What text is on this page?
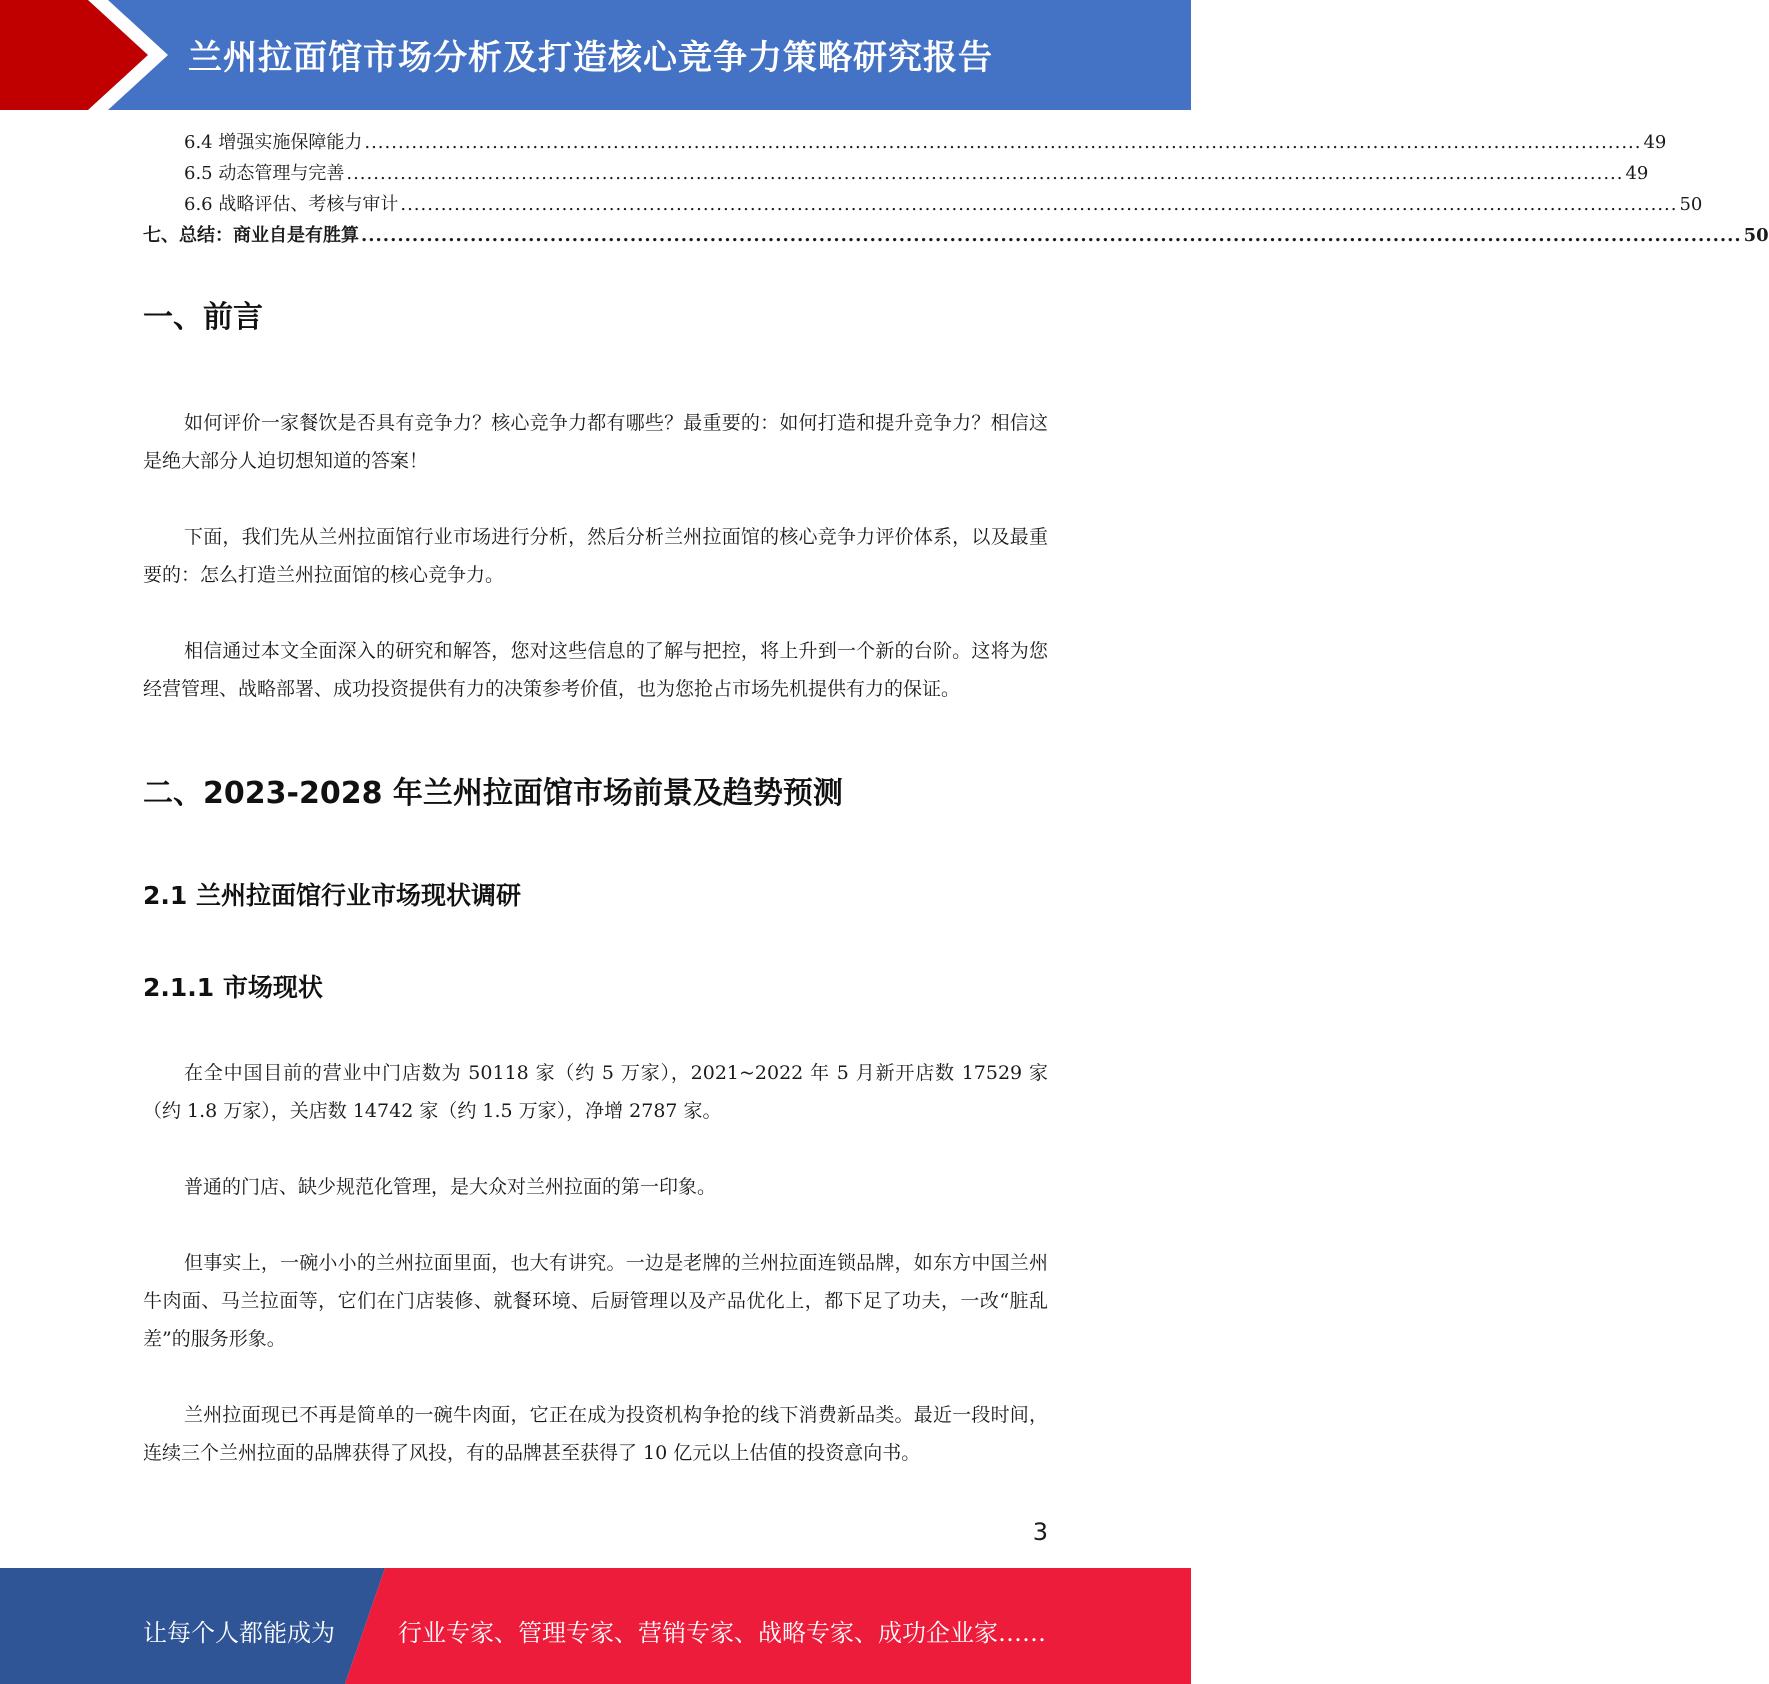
兰州拉面馆市场分析及打造核心竞争力策略研究报告
6.4 增强实施保障能力 .............................................................................................................................................................................................. 49
6.5 动态管理与完善 .............................................................................................................................................................................................. 49
6.6 战略评估、考核与审计 .............................................................................................................................................................................................. 50
七、总结：商业自是有胜算 .............................................................................................................................................................................................. 50
一、前言

如何评价一家餐饮是否具有竞争力？核心竞争力都有哪些？最重要的：如何打造和提升竞争力？相信这是绝大部分人迫切想知道的答案！

下面，我们先从兰州拉面馆行业市场进行分析，然后分析兰州拉面馆的核心竞争力评价体系，以及最重要的：怎么打造兰州拉面馆的核心竞争力。

相信通过本文全面深入的研究和解答，您对这些信息的了解与把控，将上升到一个新的台阶。这将为您经营管理、战略部署、成功投资提供有力的决策参考价值，也为您抢占市场先机提供有力的保证。

二、2023-2028 年兰州拉面馆市场前景及趋势预测
2.1 兰州拉面馆行业市场现状调研
2.1.1 市场现状

在全中国目前的营业中门店数为 50118 家（约 5 万家），2021~2022 年 5 月新开店数 17529 家（约 1.8 万家），关店数 14742 家（约 1.5 万家），净增 2787 家。

普通的门店、缺少规范化管理，是大众对兰州拉面的第一印象。

但事实上，一碗小小的兰州拉面里面，也大有讲究。一边是老牌的兰州拉面连锁品牌，如东方中国兰州牛肉面、马兰拉面等，它们在门店装修、就餐环境、后厨管理以及产品优化上，都下足了功夫，一改“脏乱差”的服务形象。

兰州拉面现已不再是简单的一碗牛肉面，它正在成为投资机构争抢的线下消费新品类。最近一段时间，连续三个兰州拉面的品牌获得了风投，有的品牌甚至获得了 10 亿元以上估值的投资意向书。

3
让每个人都能成为	行业专家、管理专家、营销专家、战略专家、成功企业家……
